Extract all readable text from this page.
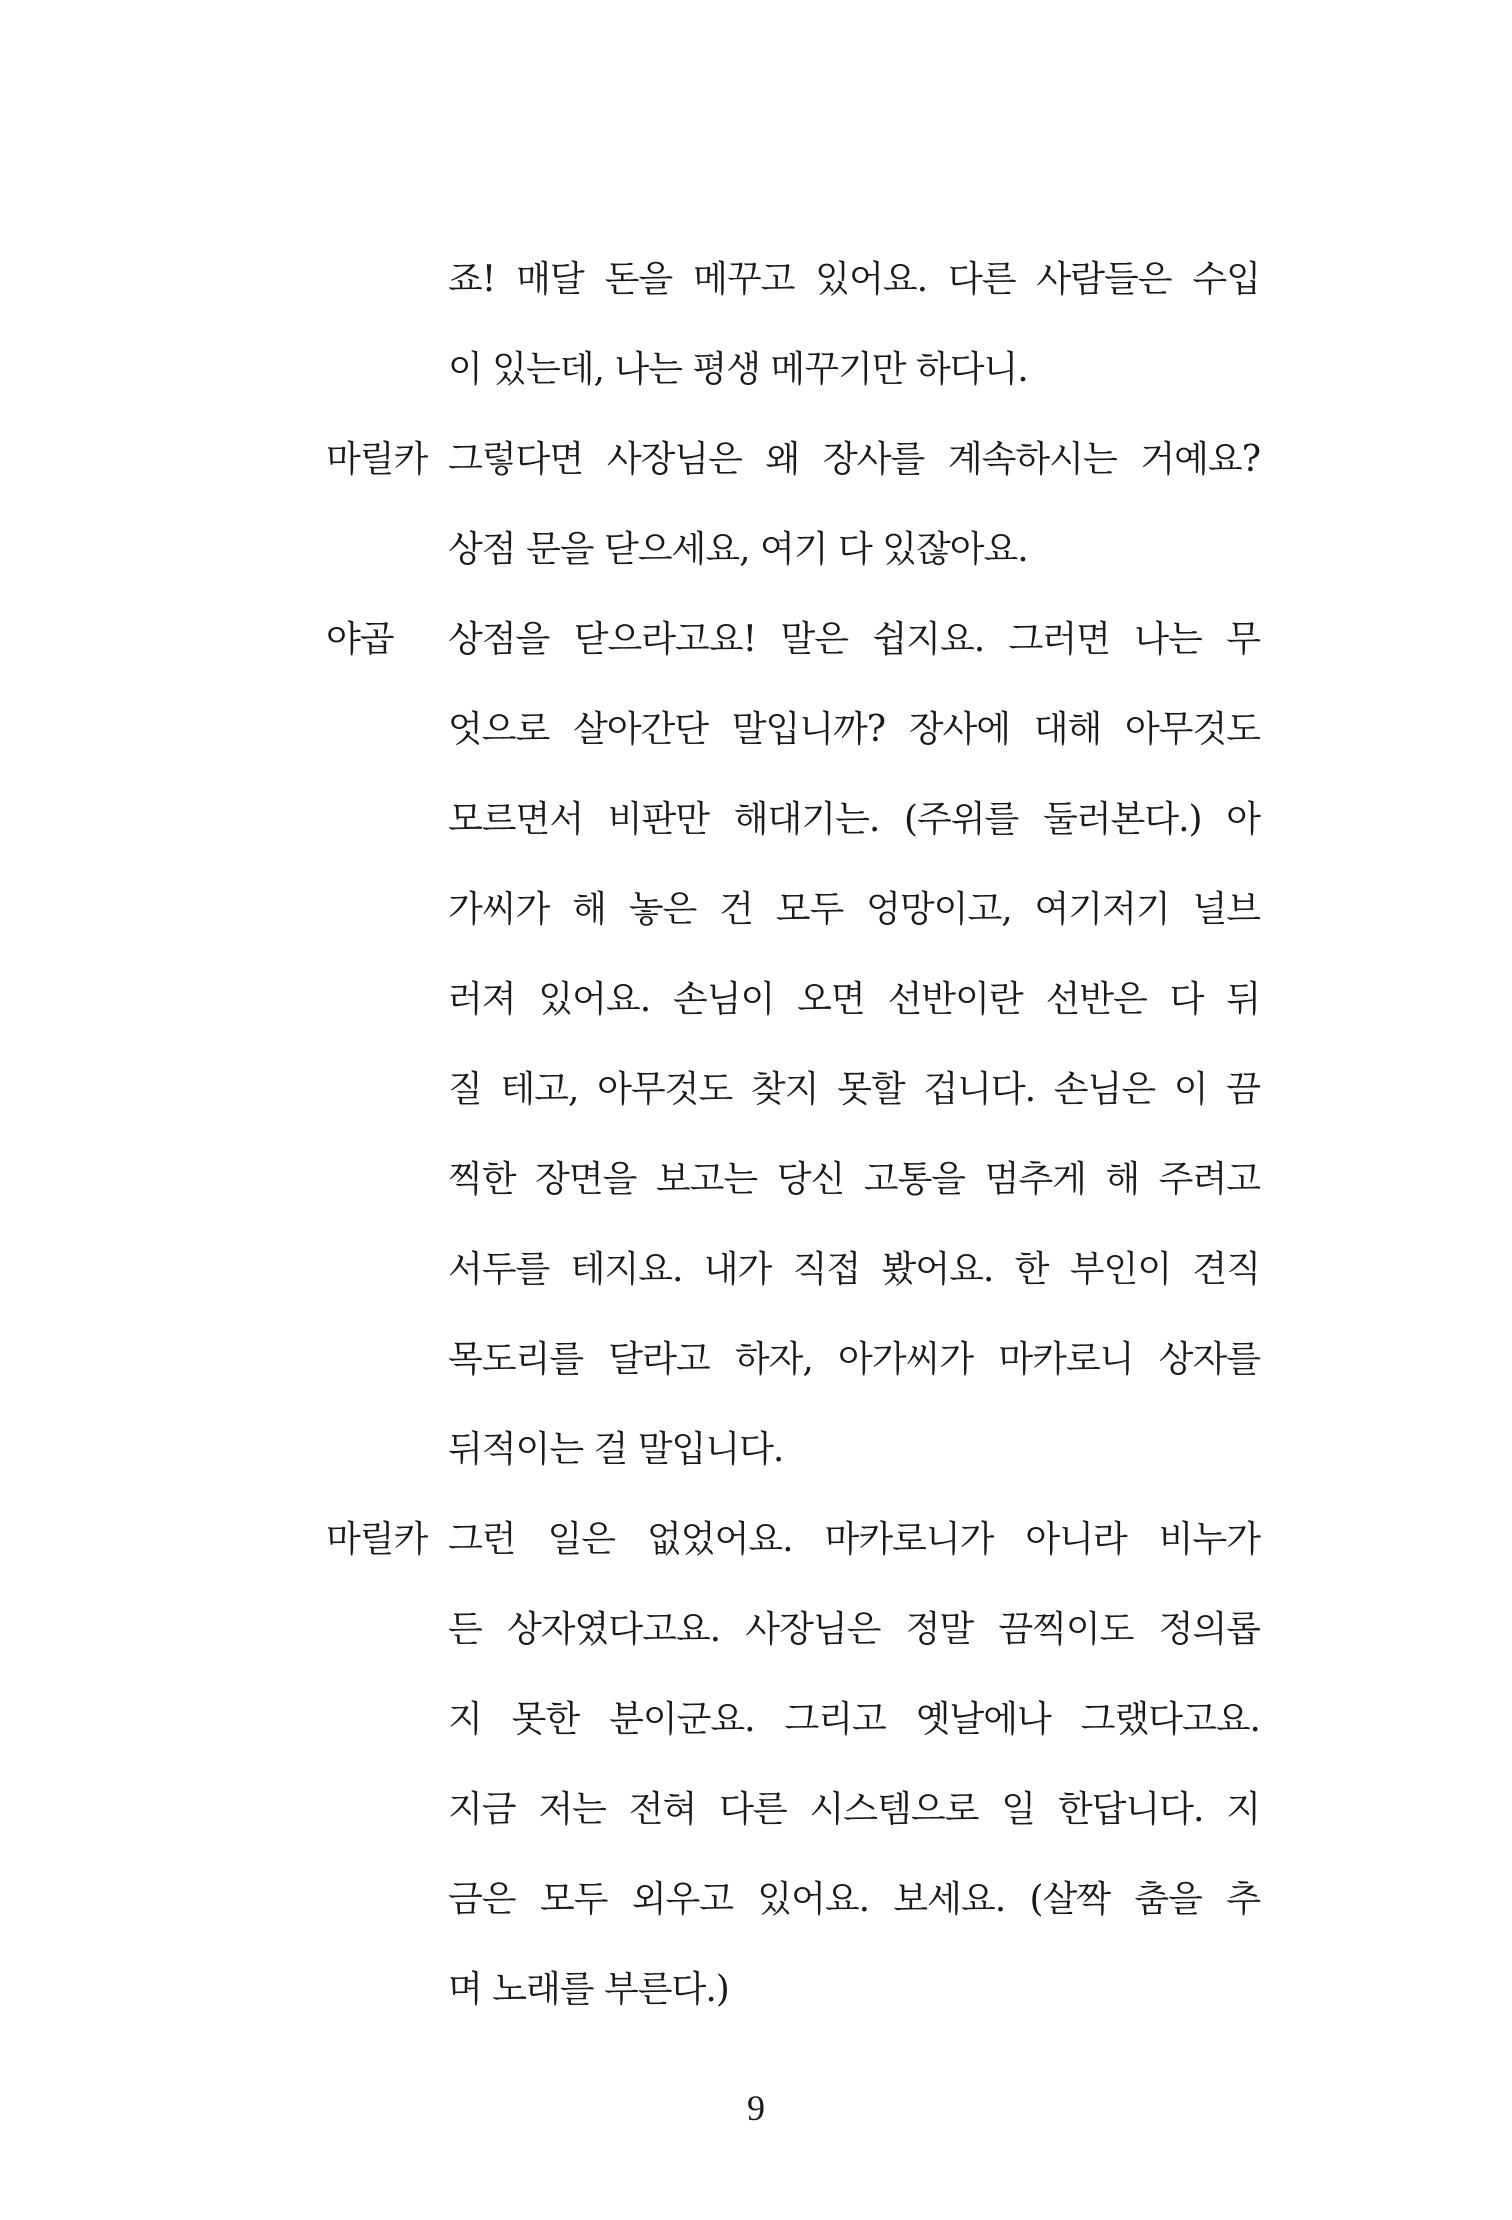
죠! 매달 돈을 메꾸고 있어요. 다른 사람들은 수입
이 있는데, 나는 평생 메꾸기만 하다니.
마릴카 그렇다면 사장님은 왜 장사를 계속하시는 거예요?
상점 문을 닫으세요, 여기 다 있잖아요.
야곱	상점을 닫으라고요! 말은 쉽지요. 그러면 나는 무
엇으로 살아간단 말입니까? 장사에 대해 아무것도
모르면서 비판만 해대기는. (주위를 둘러본다.) 아
가씨가 해 놓은 건 모두 엉망이고, 여기저기 널브
러져 있어요. 손님이 오면 선반이란 선반은 다 뒤
질 테고, 아무것도 찾지 못할 겁니다. 손님은 이 끔
찍한 장면을 보고는 당신 고통을 멈추게 해 주려고
서두를 테지요. 내가 직접 봤어요. 한 부인이 견직
목도리를 달라고 하자, 아가씨가 마카로니 상자를
뒤적이는 걸 말입니다.
마릴카 그런 일은 없었어요. 마카로니가 아니라 비누가
든 상자였다고요. 사장님은 정말 끔찍이도 정의롭
지 못한 분이군요. 그리고 옛날에나 그랬다고요.
지금 저는 전혀 다른 시스템으로 일 한답니다. 지
금은 모두 외우고 있어요. 보세요. (살짝 춤을 추
며 노래를 부른다.)
9
